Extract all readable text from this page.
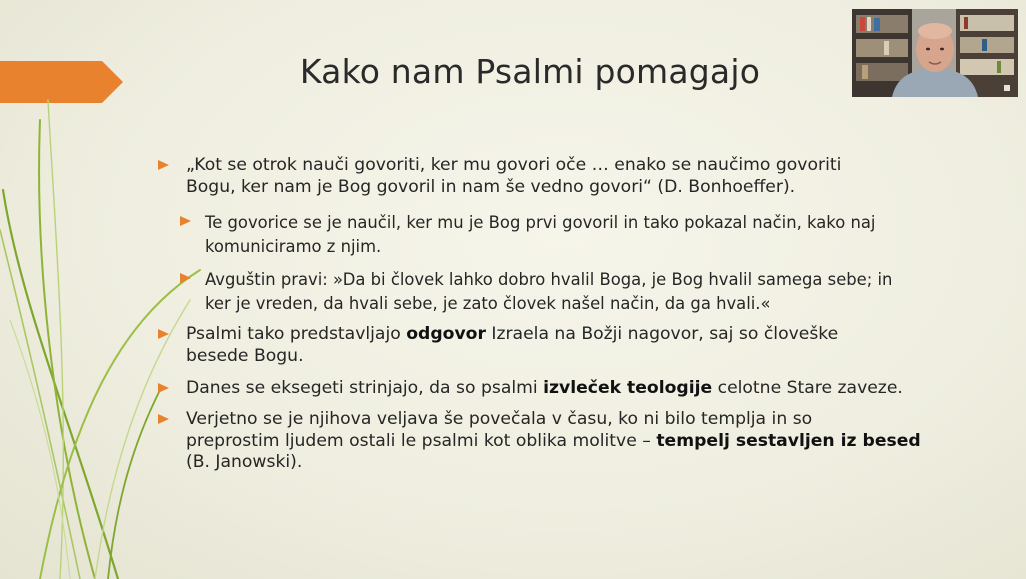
Kako nam Psalmi pomagajo
„Kot se otrok nauči govoriti, ker mu govori oče … enako se naučimo govoriti
Bogu, ker nam je Bog govoril in nam še vedno govori“ (D. Bonhoeffer).
Te govorice se je naučil, ker mu je Bog prvi govoril in tako pokazal način, kako naj
komuniciramo z njim.
Avguštin pravi: »Da bi človek lahko dobro hvalil Boga, je Bog hvalil samega sebe; in
ker je vreden, da hvali sebe, je zato človek našel način, da ga hvali.«
Psalmi tako predstavljajo odgovor Izraela na Božji nagovor, saj so človeške
besede Bogu.
Danes se eksegeti strinjajo, da so psalmi izvleček teologije celotne Stare zaveze.
Verjetno se je njihova veljava še povečala v času, ko ni bilo templja in so
preprostim ljudem ostali le psalmi kot oblika molitve – tempelj sestavljen iz besed
(B. Janowski).
